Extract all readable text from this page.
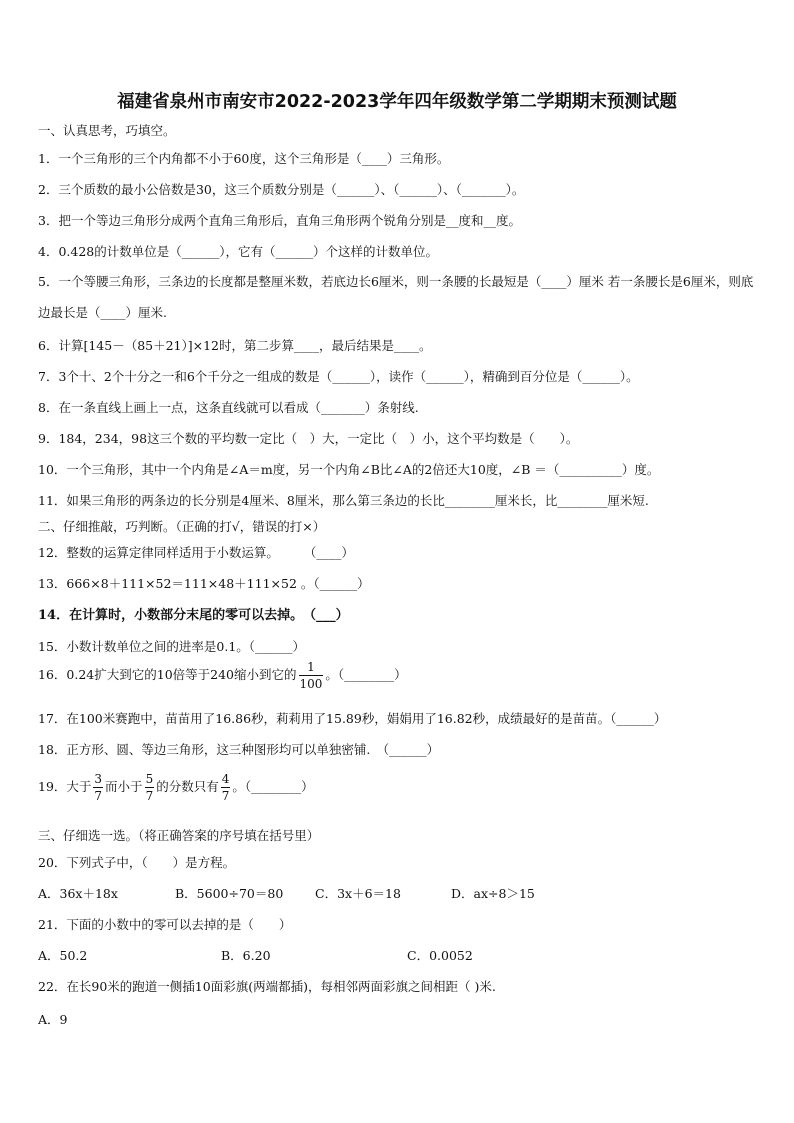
福建省泉州市南安市2022-2023学年四年级数学第二学期期末预测试题
一、认真思考，巧填空。
1．一个三角形的三个内角都不小于60度，这个三角形是（____）三角形。
2．三个质数的最小公倍数是30，这三个质数分别是（______）、（______）、（_______）。
3．把一个等边三角形分成两个直角三角形后，直角三角形两个锐角分别是__度和__度。
4．0.428的计数单位是（______），它有（______）个这样的计数单位。
5．一个等腰三角形，三条边的长度都是整厘米数，若底边长6厘米，则一条腰的长最短是（____）厘米 若一条腰长是6厘米，则底边最长是（____）厘米.
6．计算[145－（85＋21）]×12时，第二步算____，最后结果是____。
7．3个十、2个十分之一和6个千分之一组成的数是（______），读作（______），精确到百分位是（______）。
8．在一条直线上画上一点，这条直线就可以看成（_______）条射线.
9．184，234，98这三个数的平均数一定比（　）大，一定比（　）小，这个平均数是（　　）。
10．一个三角形，其中一个内角是∠A＝m度，另一个内角∠B比∠A的2倍还大10度，∠B ＝（__________）度。
11．如果三角形的两条边的长分别是4厘米、8厘米，那么第三条边的长比________厘米长，比________厘米短.
二、仔细推敲，巧判断。（正确的打√，错误的打×）
12．整数的运算定律同样适用于小数运算。　　　（____）
13．666×8＋111×52＝111×48＋111×52 。（______）
14．在计算时，小数部分末尾的零可以去掉。　（___）
15．小数计数单位之间的进率是0.1。（______）
16．0.24扩大到它的10倍等于240缩小到它的 $\frac{1}{100}$ 。（________）
17．在100米赛跑中，苗苗用了16.86秒，莉莉用了15.89秒，娟娟用了16.82秒，成绩最好的是苗苗。（______）
18．正方形、圆、等边三角形，这三种图形均可以单独密铺.　（______）
19．大于 $\frac{3}{7}$ 而小于 $\frac{5}{7}$ 的分数只有 $\frac{4}{7}$ 。（________）
三、仔细选一选。（将正确答案的序号填在括号里）
20．下列式子中，（　　）是方程。
A．36x＋18x	B．5600÷70＝80	C．3x＋6＝18	D．ax÷8＞15
21．下面的小数中的零可以去掉的是（　　）
A．50.2	B．6.20	C．0.0052
22．在长90米的跑道一侧插10面彩旗(两端都插)，每相邻两面彩旗之间相距（ )米.
A．9
